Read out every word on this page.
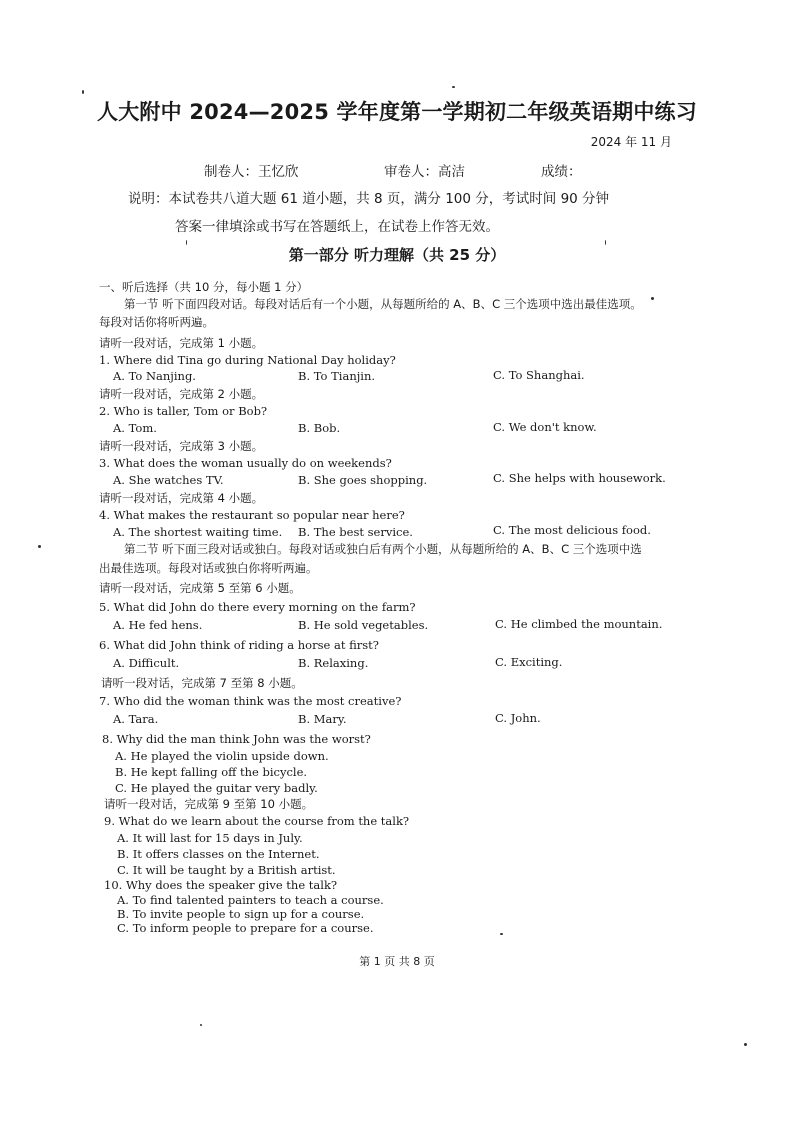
人大附中 2024—2025 学年度第一学期初二年级英语期中练习
2024 年 11 月
制卷人：王忆欣	审卷人：高洁	成绩：
说明：本试卷共八道大题 61 道小题，共 8 页，满分 100 分，考试时间 90 分钟
答案一律填涂或书写在答题纸上，在试卷上作答无效。
第一部分 听力理解（共 25 分）
一、听后选择（共 10 分，每小题 1 分）
第一节 听下面四段对话。每段对话后有一个小题，从每题所给的 A、B、C 三个选项中选出最佳选项。
每段对话你将听两遍。
请听一段对话，完成第 1 小题。
1. Where did Tina go during National Day holiday?
A. To Nanjing.	B. To Tianjin.	C. To Shanghai.
请听一段对话，完成第 2 小题。
2. Who is taller, Tom or Bob?
A. Tom.	B. Bob.	C. We don't know.
请听一段对话，完成第 3 小题。
3. What does the woman usually do on weekends?
A. She watches TV.	B. She goes shopping.	C. She helps with housework.
请听一段对话，完成第 4 小题。
4. What makes the restaurant so popular near here?
A. The shortest waiting time. B. The best service.	C. The most delicious food.
第二节 听下面三段对话或独白。每段对话或独白后有两个小题，从每题所给的 A、B、C 三个选项中选
出最佳选项。每段对话或独白你将听两遍。
请听一段对话，完成第 5 至第 6 小题。
5. What did John do there every morning on the farm?
A. He fed hens.	B. He sold vegetables.	C. He climbed the mountain.
6. What did John think of riding a horse at first?
A. Difficult.	B. Relaxing.	C. Exciting.
请听一段对话，完成第 7 至第 8 小题。
7. Who did the woman think was the most creative?
A. Tara.	B. Mary.	C. John.
8. Why did the man think John was the worst?
A. He played the violin upside down.
B. He kept falling off the bicycle.
C. He played the guitar very badly.
请听一段对话，完成第 9 至第 10 小题。
9. What do we learn about the course from the talk?
A. It will last for 15 days in July.
B. It offers classes on the Internet.
C. It will be taught by a British artist.
10. Why does the speaker give the talk?
A. To find talented painters to teach a course.
B. To invite people to sign up for a course.
C. To inform people to prepare for a course.
第 1 页 共 8 页
